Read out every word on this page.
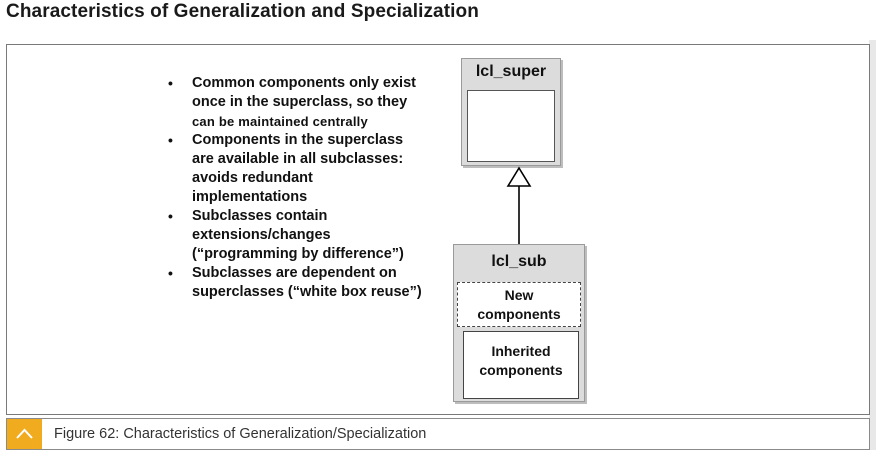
Characteristics of Generalization and Specialization
• Common components only exist
once in the superclass, so they
can be maintained centrally
• Components in the superclass
are available in all subclasses:
avoids redundant
implementations
• Subclasses contain
extensions/changes
(“programming by difference”)
• Subclasses are dependent on
superclasses (“white box reuse”)
lcl_super
lcl_sub
New
components
Inherited
components
Figure 62: Characteristics of Generalization/Specialization
